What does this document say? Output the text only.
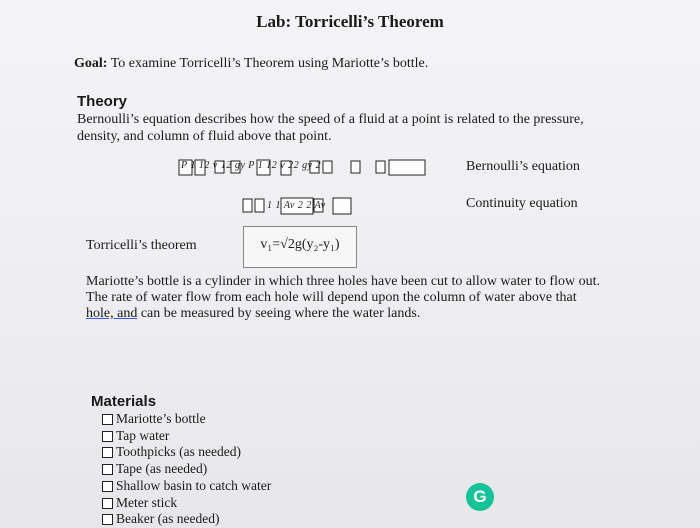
Lab: Torricelli’s Theorem
Goal: To examine Torricelli’s Theorem using Mariotte’s bottle.
Theory
Bernoulli’s equation describes how the speed of a fluid at a point is related to the pressure,
density, and column of fluid above that point.
P 1 12 v 12 gy P 1 12 v 22 gy 2	Bernoulli’s equation
1 1 Av 2 2 Av	Continuity equation
Torricelli’s theorem	v₁=√2g(y₂-y₁)
Mariotte’s bottle is a cylinder in which three holes have been cut to allow water to flow out.
The rate of water flow from each hole will depend upon the column of water above that
hole, and can be measured by seeing where the water lands.
Materials
Mariotte’s bottle
Tap water
Toothpicks (as needed)
Tape (as needed)
Shallow basin to catch water
Meter stick
Beaker (as needed)
G
